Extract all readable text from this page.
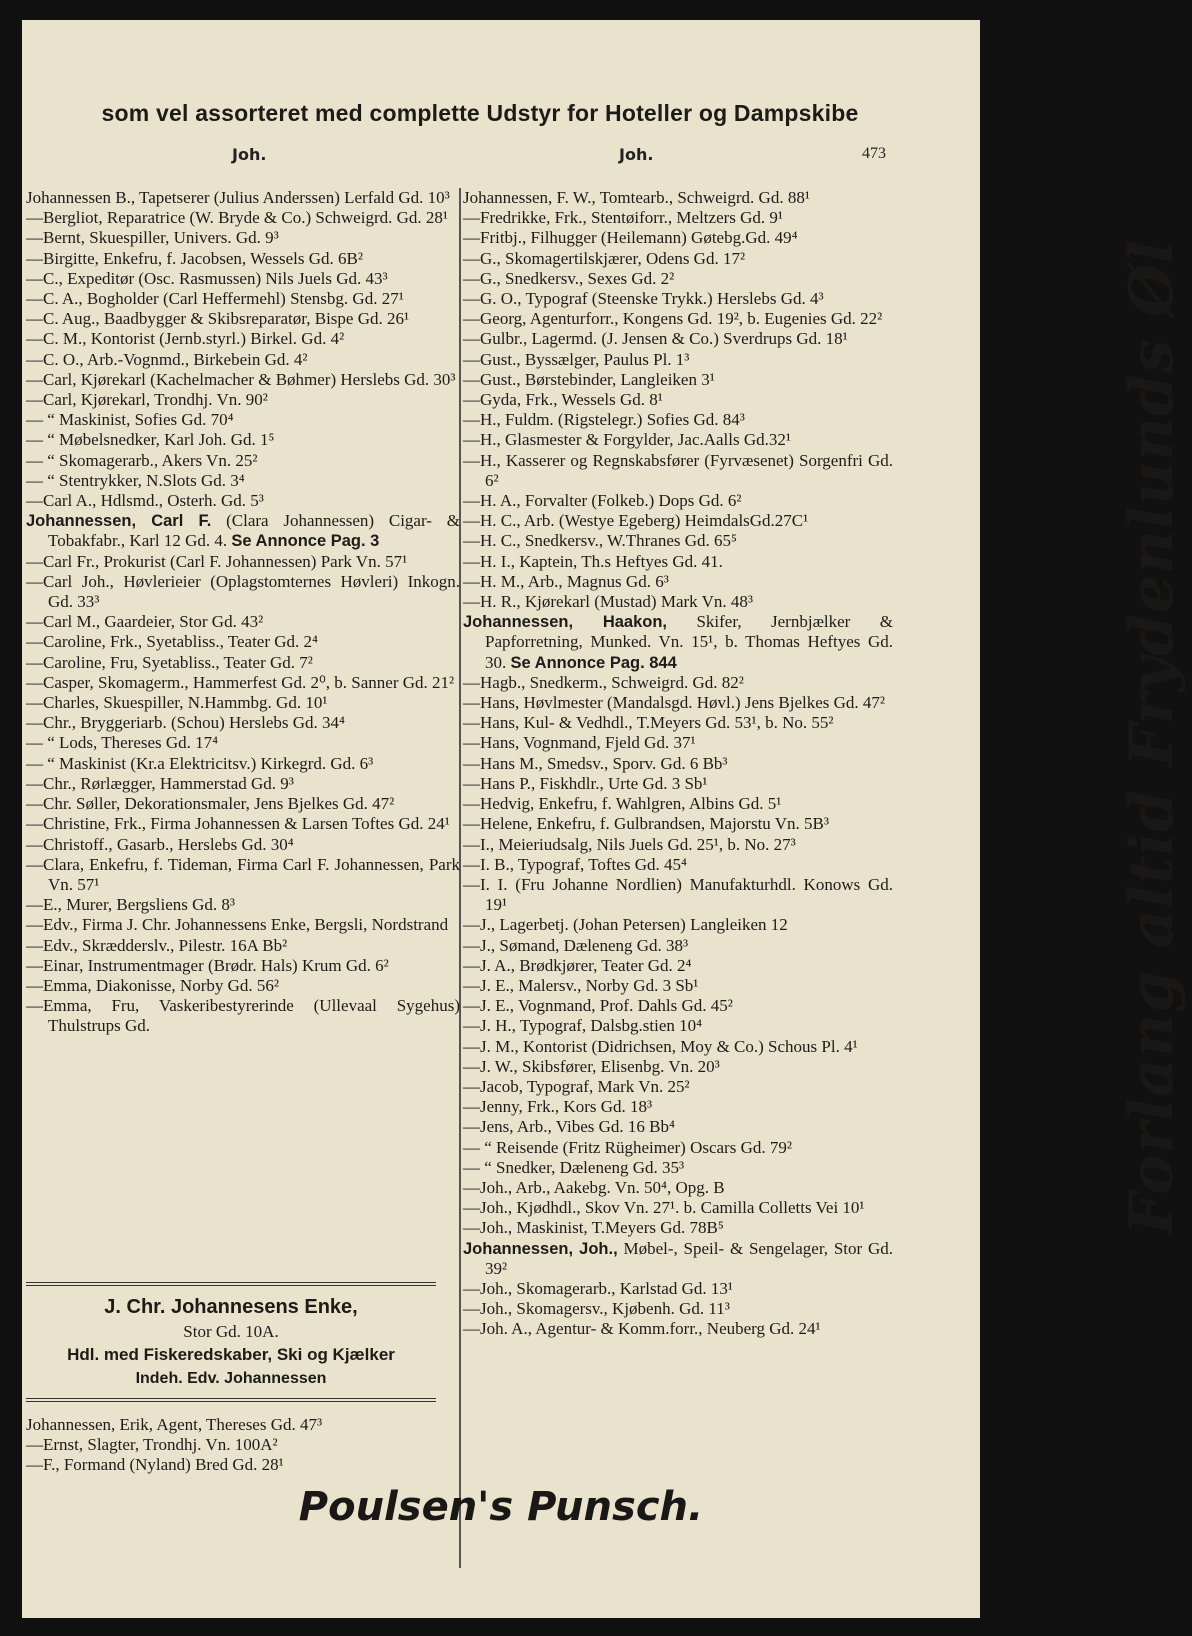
som vel assorteret med complette Udstyr for Hoteller og Dampskibe
Joh.	Joh.	473

Johannessen B., Tapetserer (Julius Anderssen) Lerfald Gd. 10³

—Bergliot, Reparatrice (W. Bryde & Co.) Schweigrd. Gd. 28¹

—Bernt, Skuespiller, Univers. Gd. 9³

—Birgitte, Enkefru, f. Jacobsen, Wessels Gd. 6B²

—C., Expeditør (Osc. Rasmussen) Nils Juels Gd. 43³

—C. A., Bogholder (Carl Heffermehl) Stensbg. Gd. 27¹

—C. Aug., Baadbygger & Skibsreparatør, Bispe Gd. 26¹

—C. M., Kontorist (Jernb.styrl.) Birkel. Gd. 4²

—C. O., Arb.-Vognmd., Birkebein Gd. 4²

—Carl, Kjørekarl (Kachelmacher & Bøhmer) Herslebs Gd. 30³

—Carl, Kjørekarl, Trondhj. Vn. 90²

— “ Maskinist, Sofies Gd. 70⁴

— “ Møbelsnedker, Karl Joh. Gd. 1⁵

— “ Skomagerarb., Akers Vn. 25²

— “ Stentrykker, N.Slots Gd. 3⁴

—Carl A., Hdlsmd., Osterh. Gd. 5³

Johannessen, Carl F. (Clara Johannessen) Cigar- & Tobakfabr., Karl 12 Gd. 4. Se Annonce Pag. 3

—Carl Fr., Prokurist (Carl F. Johannessen) Park Vn. 57¹

—Carl Joh., Høvlerieier (Oplagstomternes Høvleri) Inkogn. Gd. 33³

—Carl M., Gaardeier, Stor Gd. 43²

—Caroline, Frk., Syetabliss., Teater Gd. 2⁴

—Caroline, Fru, Syetabliss., Teater Gd. 7²

—Casper, Skomagerm., Hammerfest Gd. 2⁰, b. Sanner Gd. 21²

—Charles, Skuespiller, N.Hammbg. Gd. 10¹

—Chr., Bryggeriarb. (Schou) Herslebs Gd. 34⁴

— “ Lods, Thereses Gd. 17⁴

— “ Maskinist (Kr.a Elektricitsv.) Kirkegrd. Gd. 6³

—Chr., Rørlægger, Hammerstad Gd. 9³

—Chr. Søller, Dekorationsmaler, Jens Bjelkes Gd. 47²

—Christine, Frk., Firma Johannessen & Larsen Toftes Gd. 24¹

—Christoff., Gasarb., Herslebs Gd. 30⁴

—Clara, Enkefru, f. Tideman, Firma Carl F. Johannessen, Park Vn. 57¹

—E., Murer, Bergsliens Gd. 8³

—Edv., Firma J. Chr. Johannessens Enke, Bergsli, Nordstrand

—Edv., Skrædderslv., Pilestr. 16A Bb²

—Einar, Instrumentmager (Brødr. Hals) Krum Gd. 6²

—Emma, Diakonisse, Norby Gd. 56²

—Emma, Fru, Vaskeribestyrerinde (Ullevaal Sygehus) Thulstrups Gd.

J. Chr. Johannesens Enke,
Stor Gd. 10A.
Hdl. med Fiskeredskaber, Ski og Kjælker
Indeh. Edv. Johannessen

Johannessen, Erik, Agent, Thereses Gd. 47³

—Ernst, Slagter, Trondhj. Vn. 100A²

—F., Formand (Nyland) Bred Gd. 28¹

Johannessen, F. W., Tomtearb., Schweigrd. Gd. 88¹

—Fredrikke, Frk., Stentøiforr., Meltzers Gd. 9¹

—Fritbj., Filhugger (Heilemann) Gøtebg.Gd. 49⁴

—G., Skomagertilskjærer, Odens Gd. 17²

—G., Snedkersv., Sexes Gd. 2²

—G. O., Typograf (Steenske Trykk.) Herslebs Gd. 4³

—Georg, Agenturforr., Kongens Gd. 19², b. Eugenies Gd. 22²

—Gulbr., Lagermd. (J. Jensen & Co.) Sverdrups Gd. 18¹

—Gust., Byssælger, Paulus Pl. 1³

—Gust., Børstebinder, Langleiken 3¹

—Gyda, Frk., Wessels Gd. 8¹

—H., Fuldm. (Rigstelegr.) Sofies Gd. 84³

—H., Glasmester & Forgylder, Jac.Aalls Gd.32¹

—H., Kasserer og Regnskabsfører (Fyrvæsenet) Sorgenfri Gd. 6²

—H. A., Forvalter (Folkeb.) Dops Gd. 6²

—H. C., Arb. (Westye Egeberg) HeimdalsGd.27C¹

—H. C., Snedkersv., W.Thranes Gd. 65⁵

—H. I., Kaptein, Th.s Heftyes Gd. 41.

—H. M., Arb., Magnus Gd. 6³

—H. R., Kjørekarl (Mustad) Mark Vn. 48³

Johannessen, Haakon, Skifer, Jernbjælker & Papforretning, Munked. Vn. 15¹, b. Thomas Heftyes Gd. 30. Se Annonce Pag. 844

—Hagb., Snedkerm., Schweigrd. Gd. 82²

—Hans, Høvlmester (Mandalsgd. Høvl.) Jens Bjelkes Gd. 47²

—Hans, Kul- & Vedhdl., T.Meyers Gd. 53¹, b. No. 55²

—Hans, Vognmand, Fjeld Gd. 37¹

—Hans M., Smedsv., Sporv. Gd. 6 Bb³

—Hans P., Fiskhdlr., Urte Gd. 3 Sb¹

—Hedvig, Enkefru, f. Wahlgren, Albins Gd. 5¹

—Helene, Enkefru, f. Gulbrandsen, Majorstu Vn. 5B³

—I., Meieriudsalg, Nils Juels Gd. 25¹, b. No. 27³

—I. B., Typograf, Toftes Gd. 45⁴

—I. I. (Fru Johanne Nordlien) Manufakturhdl. Konows Gd. 19¹

—J., Lagerbetj. (Johan Petersen) Langleiken 12

—J., Sømand, Dæleneng Gd. 38³

—J. A., Brødkjører, Teater Gd. 2⁴

—J. E., Malersv., Norby Gd. 3 Sb¹

—J. E., Vognmand, Prof. Dahls Gd. 45²

—J. H., Typograf, Dalsbg.stien 10⁴

—J. M., Kontorist (Didrichsen, Moy & Co.) Schous Pl. 4¹

—J. W., Skibsfører, Elisenbg. Vn. 20³

—Jacob, Typograf, Mark Vn. 25²

—Jenny, Frk., Kors Gd. 18³

—Jens, Arb., Vibes Gd. 16 Bb⁴

— “ Reisende (Fritz Rügheimer) Oscars Gd. 79²

— “ Snedker, Dæleneng Gd. 35³

—Joh., Arb., Aakebg. Vn. 50⁴, Opg. B

—Joh., Kjødhdl., Skov Vn. 27¹. b. Camilla Colletts Vei 10¹

—Joh., Maskinist, T.Meyers Gd. 78B⁵

Johannessen, Joh., Møbel-, Speil- & Sengelager, Stor Gd. 39²

—Joh., Skomagerarb., Karlstad Gd. 13¹

—Joh., Skomagersv., Kjøbenh. Gd. 11³

—Joh. A., Agentur- & Komm.forr., Neuberg Gd. 24¹

Forlang altid Frydenlunds Øl
Poulsen's Punsch.
